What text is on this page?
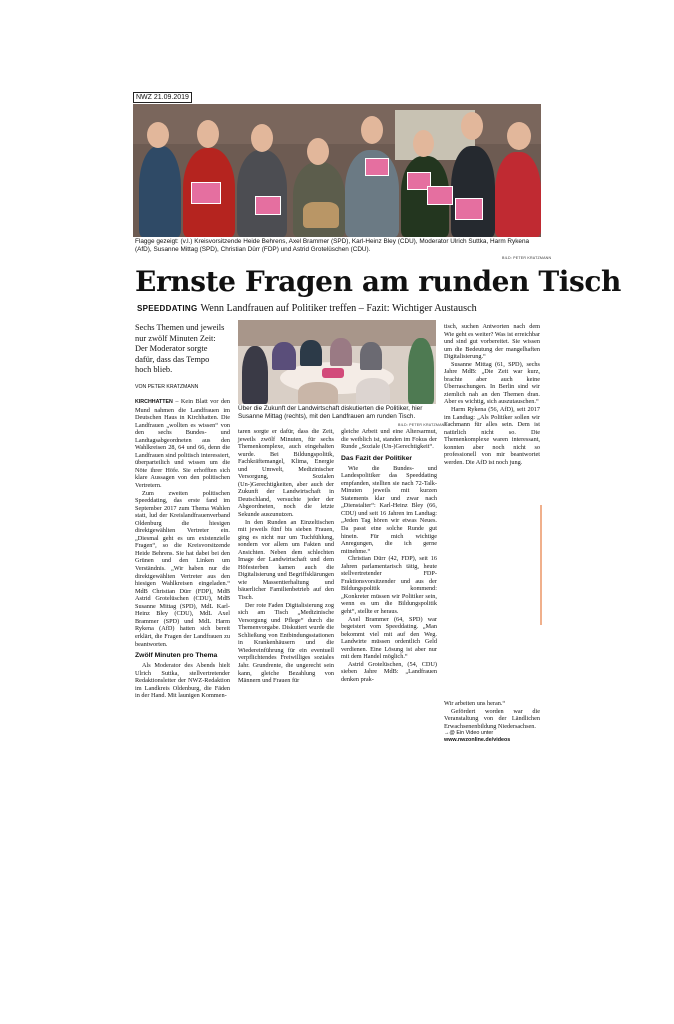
NWZ 21.09.2019
Flagge gezeigt: (v.l.) Kreisvorsitzende Heide Behrens, Axel Brammer (SPD), Karl-Heinz Bley (CDU), Moderator Ulrich Suttka, Harm Rykena (AfD), Susanne Mittag (SPD), Christian Dürr (FDP) und Astrid Grotelüschen (CDU).
BILD: PETER KRATZMANN
Ernste Fragen am runden Tisch
SPEEDDATING Wenn Landfrauen auf Politiker treffen – Fazit: Wichtiger Austausch
Sechs Themen und jeweils nur zwölf Minuten Zeit: Der Moderator sorgte dafür, dass das Tempo hoch blieb.
VON PETER KRATZMANN
Über die Zukunft der Landwirtschaft diskutierten die Politiker, hier Susanne Mittag (rechts), mit den Landfrauen am runden Tisch.
BILD: PETER KRATZMANN

KIRCHHATTEN – Kein Blatt vor den Mund nahmen die Landfrauen im Deutschen Haus in Kirchhatten. Die Landfrauen „wollten es wissen“ von den sechs Bundes- und Landtagsabgeordneten aus den Wahlkreisen 28, 64 und 66, denn die Landfrauen sind politisch interessiert, überparteilich und wissen um die Nöte ihrer Höfe. Sie erhofften sich klare Aussagen von den politischen Vertretern.

Zum zweiten politischen Speeddating, das erste fand im September 2017 zum Thema Wahlen statt, lud der Kreislandfrauenverband Oldenburg die hiesigen direktgewählten Vertreter ein. „Diesmal geht es um existenzielle Fragen“, so die Kreisvorsitzende Heide Behrens. Sie hat dabei bei den Grünen und den Linken um Verständnis. „Wir haben nur die direktgewählten Vertreter aus den hiesigen Wahlkreisen eingeladen.“ MdB Christian Dürr (FDP), MdB Astrid Grotelüschen (CDU), MdB Susanne Mittag (SPD), MdL Karl-Heinz Bley (CDU), MdL Axel Brammer (SPD) und MdL Harm Rykena (AfD) hatten sich bereit erklärt, die Fragen der Landfrauen zu beantworten.

Zwölf Minuten pro Thema

Als Moderator des Abends hielt Ulrich Suttka, stellvertretender Redaktionsleiter der NWZ-Redaktion im Landkreis Oldenburg, die Fäden in der Hand. Mit launigen Kommen-

taren sorgte er dafür, dass die Zeit, jeweils zwölf Minuten, für sechs Themenkomplexe, auch eingehalten wurde. Bei Bildungspolitik, Fachkräftemangel, Klima, Energie und Umwelt, Medizinischer Versorgung, Sozialen (Un-)Gerechtigkeiten, aber auch der Zukunft der Landwirtschaft in Deutschland, versuchte jeder der Abgeordneten, noch die letzte Sekunde auszunutzen.

In den Runden an Einzeltischen mit jeweils fünf bis sieben Frauen, ging es nicht nur um Tuchfühlung, sondern vor allem um Fakten und Ansichten. Neben dem schlechten Image der Landwirtschaft und dem Höfesterben kamen auch die Digitalisierung und Begriffsklärungen wie Massentierhaltung und bäuerlicher Familienbetrieb auf den Tisch.

Der rote Faden Digitalisierung zog sich am Tisch „Medizinische Versorgung und Pflege“ durch die Themenvorgabe. Diskutiert wurde die Schließung von Entbindungsstationen in Krankenhäusern und die Wiedereinführung für ein eventuell verpflichtendes Freiwilliges soziales Jahr. Grundrente, die ungerecht sein kann, gleiche Bezahlung von Männern und Frauen für

gleiche Arbeit und eine Altersarmut, die weiblich ist, standen im Fokus der Runde „Soziale (Un-)Gerechtigkeit“.

Das Fazit der Politiker

Wie die Bundes- und Landespolitiker das Speeddating empfanden, stellten sie nach 72-Talk-Minuten jeweils mit kurzen Statements klar und zwar nach „Dienstalter“: Karl-Heinz Bley (66, CDU) und seit 16 Jahren im Landtag: „Jeden Tag hören wir etwas Neues. Da passt eine solche Runde gut hinein. Für mich wichtige Anregungen, die ich gerne mitnehme.“

Christian Dürr (42, FDP), seit 16 Jahren parlamentarisch tätig, heute stellvertretender FDP-Fraktionsvorsitzender und aus der Bildungspolitik kommend: „Konkreter müssen wir Politiker sein, wenn es um die Bildungspolitik geht“, stellte er heraus.

Axel Brammer (64, SPD) war begeistert vom Speeddating. „Man bekommt viel mit auf den Weg. Landwirte müssen ordentlich Geld verdienen. Eine Lösung ist aber nur mit dem Handel möglich.“

Astrid Grotelüschen, (54, CDU) sieben Jahre MdB: „Landfrauen denken prak-

tisch, suchen Antworten nach dem Wie geht es weiter? Was ist erreichbar und sind gut vorbereitet. Sie wissen um die Bedeutung der mangelhaften Digitalisierung.“

Susanne Mittag (61, SPD), sechs Jahre MdB: „Die Zeit war kurz, brachte aber auch keine Überraschungen. In Berlin sind wir ziemlich nah an den Themen dran. Aber es wichtig, sich auszutauschen.“

Harm Rykena (56, AfD), seit 2017 im Landtag: „Als Politiker sollen wir Fachmann für alles sein. Dem ist natürlich nicht so. Die Themenkomplexe waren interessant, konnten aber noch nicht so professionell von mir beantwortet werden. Die AfD ist noch jung.

Wir arbeiten uns heran.“
Gefördert worden war die Veranstaltung von der Ländlichen Erwachsenenbildung Niedersachsen.
→@ Ein Video unter
www.nwzonline.de/videos
